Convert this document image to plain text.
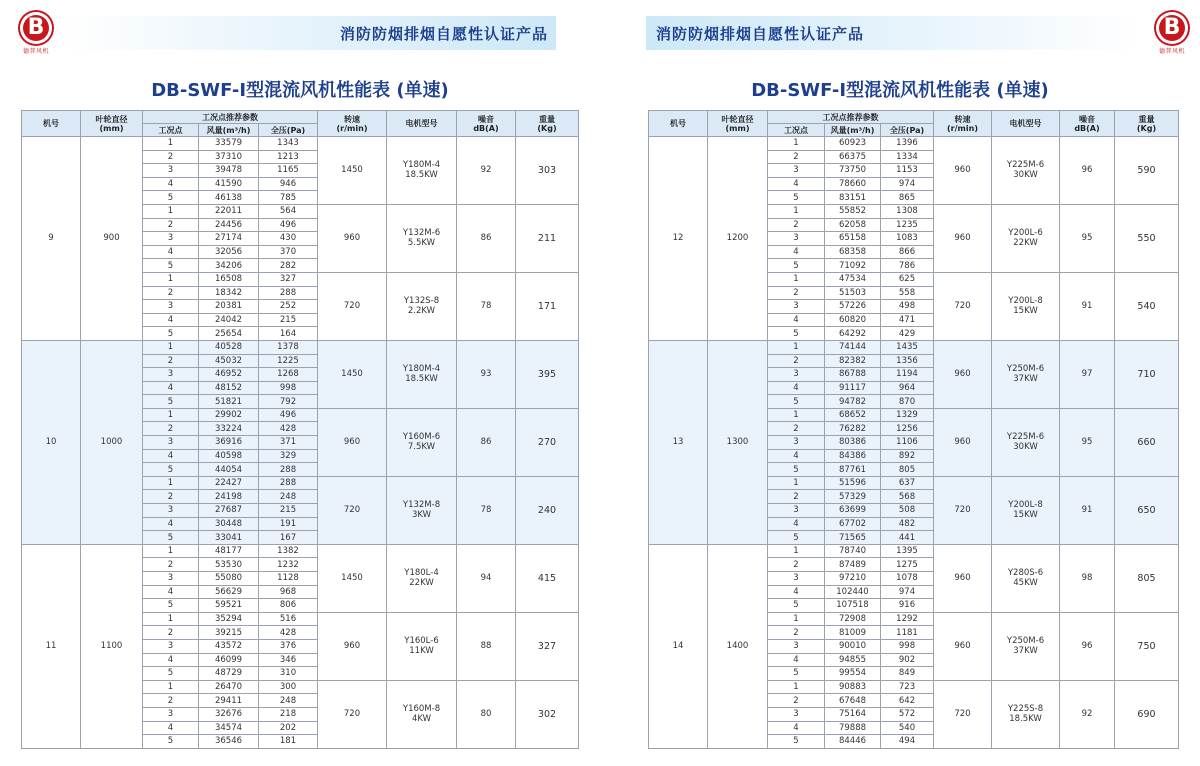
B
德普风机
消防防烟排烟自愿性认证产品
DB-SWF-Ⅰ型混流风机性能表 (单速)
机号	叶轮直径
(mm)	工况点推荐参数			转速
(r/min)	电机型号	噪音
dB(A)	重量
(Kg)
		工况点	风量(m³/h)	全压(Pa)				
9	900	1	33579	1343	1450	Y180M-4
18.5KW	92	303
		2	37310	1213				
		3	39478	1165				
		4	41590	946				
		5	46138	785				
		1	22011	564	960	Y132M-6
5.5KW	86	211
		2	24456	496				
		3	27174	430				
		4	32056	370				
		5	34206	282				
		1	16508	327	720	Y132S-8
2.2KW	78	171
		2	18342	288				
		3	20381	252				
		4	24042	215				
		5	25654	164				
10	1000	1	40528	1378	1450	Y180M-4
18.5KW	93	395
		2	45032	1225				
		3	46952	1268				
		4	48152	998				
		5	51821	792				
		1	29902	496	960	Y160M-6
7.5KW	86	270
		2	33224	428				
		3	36916	371				
		4	40598	329				
		5	44054	288				
		1	22427	288	720	Y132M-8
3KW	78	240
		2	24198	248				
		3	27687	215				
		4	30448	191				
		5	33041	167				
11	1100	1	48177	1382	1450	Y180L-4
22KW	94	415
		2	53530	1232				
		3	55080	1128				
		4	56629	968				
		5	59521	806				
		1	35294	516	960	Y160L-6
11KW	88	327
		2	39215	428				
		3	43572	376				
		4	46099	346				
		5	48729	310				
		1	26470	300	720	Y160M-8
4KW	80	302
		2	29411	248				
		3	32676	218				
		4	34574	202				
		5	36546	181				
消防防烟排烟自愿性认证产品	B
德普风机
DB-SWF-Ⅰ型混流风机性能表 (单速)
机号	叶轮直径
(mm)	工况点推荐参数			转速
(r/min)	电机型号	噪音
dB(A)	重量
(Kg)
		工况点	风量(m³/h)	全压(Pa)				
12	1200	1	60923	1396	960	Y225M-6
30KW	96	590
		2	66375	1334				
		3	73750	1153				
		4	78660	974				
		5	83151	865				
		1	55852	1308	960	Y200L-6
22KW	95	550
		2	62058	1235				
		3	65158	1083				
		4	68358	866				
		5	71092	786				
		1	47534	625	720	Y200L-8
15KW	91	540
		2	51503	558				
		3	57226	498				
		4	60820	471				
		5	64292	429				
13	1300	1	74144	1435	960	Y250M-6
37KW	97	710
		2	82382	1356				
		3	86788	1194				
		4	91117	964				
		5	94782	870				
		1	68652	1329	960	Y225M-6
30KW	95	660
		2	76282	1256				
		3	80386	1106				
		4	84386	892				
		5	87761	805				
		1	51596	637	720	Y200L-8
15KW	91	650
		2	57329	568				
		3	63699	508				
		4	67702	482				
		5	71565	441				
14	1400	1	78740	1395	960	Y280S-6
45KW	98	805
		2	87489	1275				
		3	97210	1078				
		4	102440	974				
		5	107518	916				
		1	72908	1292	960	Y250M-6
37KW	96	750
		2	81009	1181				
		3	90010	998				
		4	94855	902				
		5	99554	849				
		1	90883	723	720	Y225S-8
18.5KW	92	690
		2	67648	642				
		3	75164	572				
		4	79888	540				
		5	84446	494				
